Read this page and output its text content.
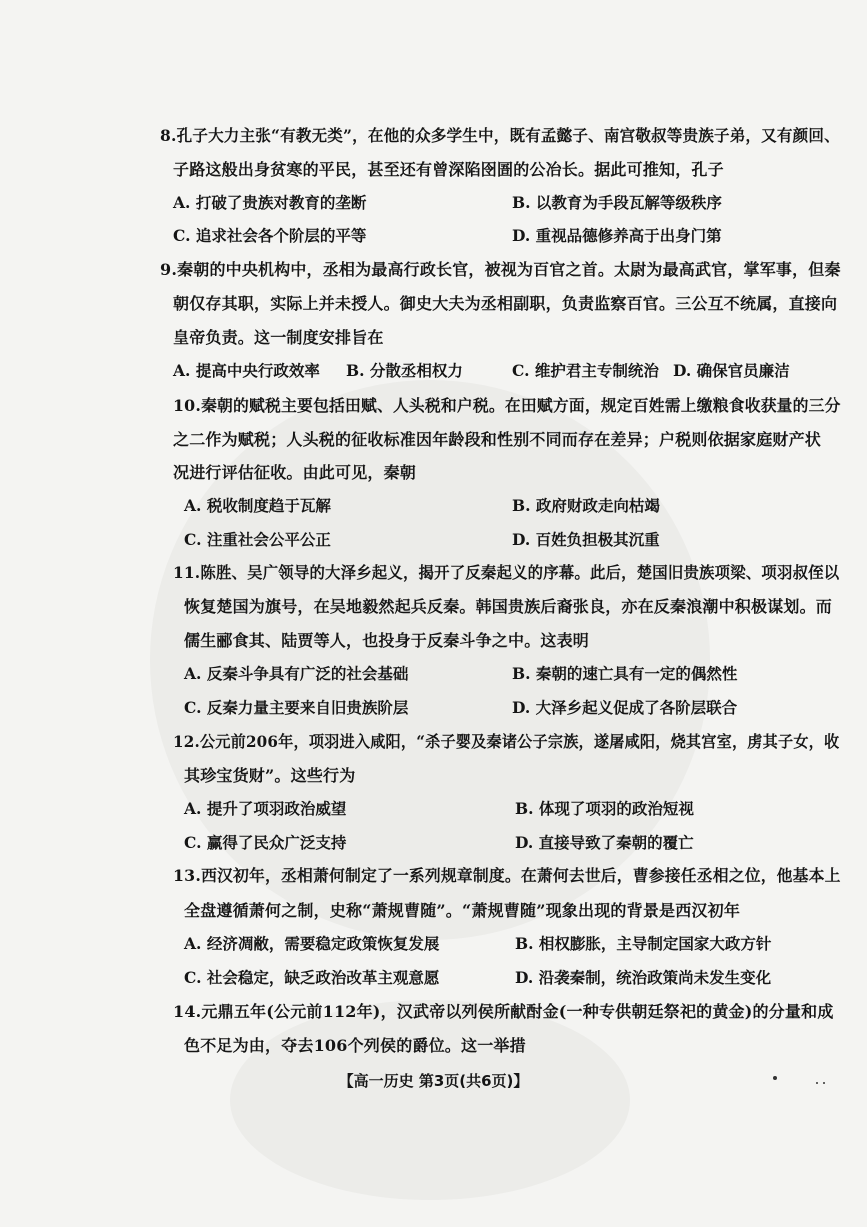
8.孔子大力主张“有教无类”，在他的众多学生中，既有孟懿子、南宫敬叔等贵族子弟，又有颜回、
子路这般出身贫寒的平民，甚至还有曾深陷囹圄的公冶长。据此可推知，孔子
A. 打破了贵族对教育的垄断	B. 以教育为手段瓦解等级秩序
C. 追求社会各个阶层的平等	D. 重视品德修养高于出身门第
9.秦朝的中央机构中，丞相为最高行政长官，被视为百官之首。太尉为最高武官，掌军事，但秦
朝仅存其职，实际上并未授人。御史大夫为丞相副职，负责监察百官。三公互不统属，直接向
皇帝负责。这一制度安排旨在
A. 提高中央行政效率 B. 分散丞相权力	C. 维护君主专制统治 D. 确保官员廉洁
10.秦朝的赋税主要包括田赋、人头税和户税。在田赋方面，规定百姓需上缴粮食收获量的三分
之二作为赋税；人头税的征收标准因年龄段和性别不同而存在差异；户税则依据家庭财产状
况进行评估征收。由此可见，秦朝
A. 税收制度趋于瓦解	B. 政府财政走向枯竭
C. 注重社会公平公正	D. 百姓负担极其沉重
11.陈胜、吴广领导的大泽乡起义，揭开了反秦起义的序幕。此后，楚国旧贵族项梁、项羽叔侄以
恢复楚国为旗号，在吴地毅然起兵反秦。韩国贵族后裔张良，亦在反秦浪潮中积极谋划。而
儒生郦食其、陆贾等人，也投身于反秦斗争之中。这表明
A. 反秦斗争具有广泛的社会基础	B. 秦朝的速亡具有一定的偶然性
C. 反秦力量主要来自旧贵族阶层	D. 大泽乡起义促成了各阶层联合
12.公元前206年，项羽进入咸阳，“杀子婴及秦诸公子宗族，遂屠咸阳，烧其宫室，虏其子女，收
其珍宝货财”。这些行为
A. 提升了项羽政治威望	B. 体现了项羽的政治短视
C. 赢得了民众广泛支持	D. 直接导致了秦朝的覆亡
13.西汉初年，丞相萧何制定了一系列规章制度。在萧何去世后，曹参接任丞相之位，他基本上
全盘遵循萧何之制，史称“萧规曹随”。“萧规曹随”现象出现的背景是西汉初年
A. 经济凋敝，需要稳定政策恢复发展	B. 相权膨胀，主导制定国家大政方针
C. 社会稳定，缺乏政治改革主观意愿	D. 沿袭秦制，统治政策尚未发生变化
14.元鼎五年(公元前112年)，汉武帝以列侯所献酎金(一种专供朝廷祭祀的黄金)的分量和成
色不足为由，夺去106个列侯的爵位。这一举措
【高一历史 第3页(共6页)】
